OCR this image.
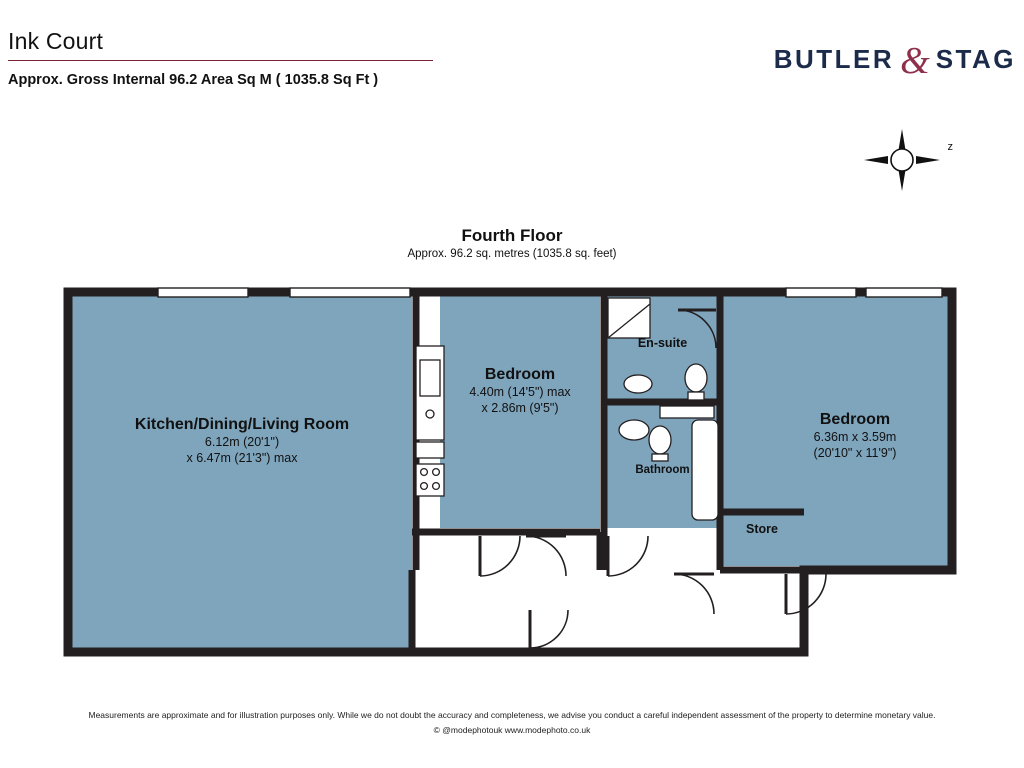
Ink Court
Approx. Gross Internal 96.2 Area Sq M ( 1035.8 Sq Ft )
BUTLER & STAG
z
Fourth Floor
Approx. 96.2 sq. metres (1035.8 sq. feet)
Kitchen/Dining/Living Room
6.12m (20'1")
x 6.47m (21'3") max
Bedroom
4.40m (14'5") max
x 2.86m (9'5")
Bedroom
6.36m x 3.59m
(20'10" x 11'9")
En-suite
Bathroom
Store
Measurements are approximate and for illustration purposes only. While we do not doubt the accuracy and completeness, we advise you conduct a careful independent assessment of the property to determine monetary value.
© @modephotouk www.modephoto.co.uk
